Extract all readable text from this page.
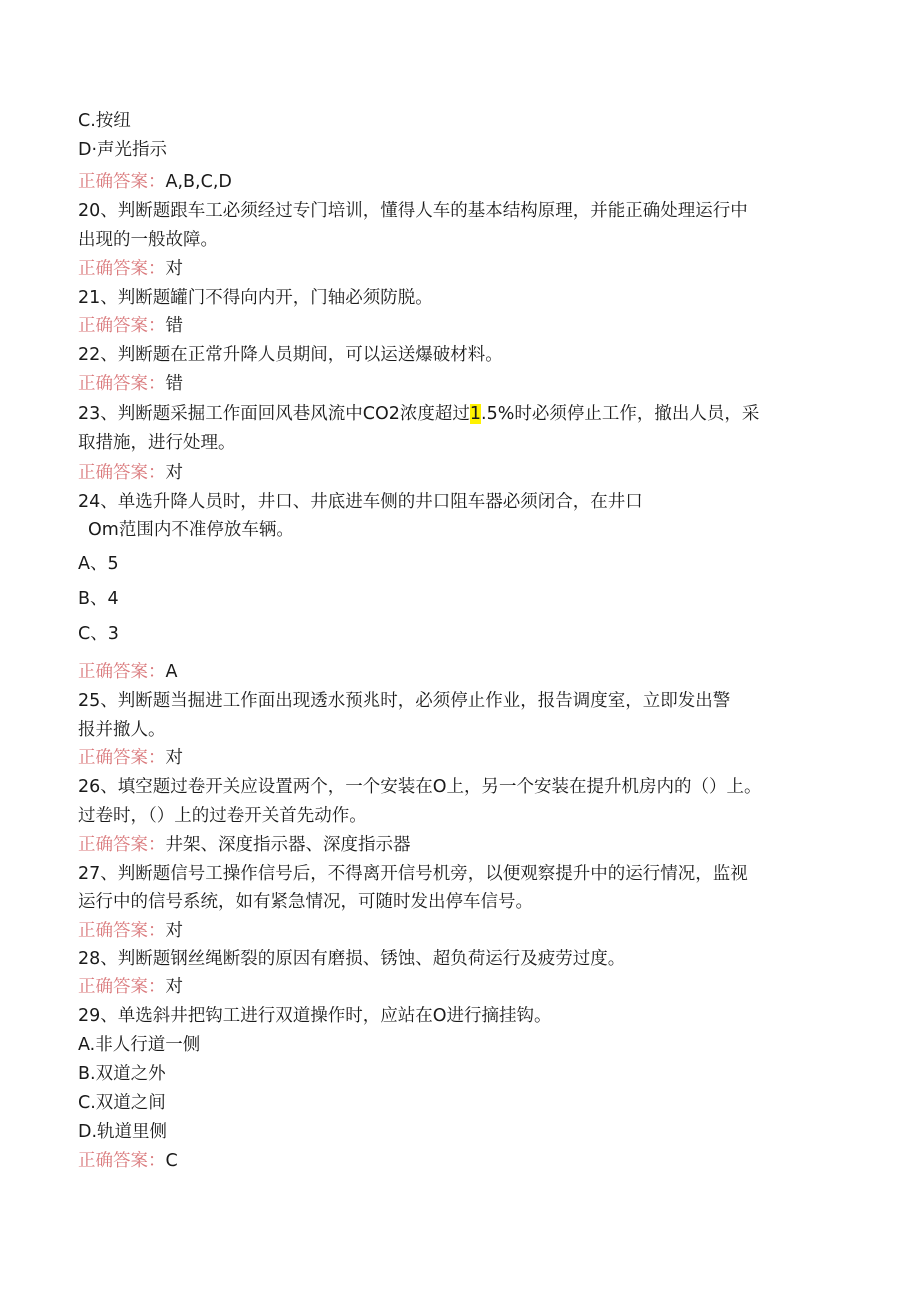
C.按纽

D·声光指示

正确答案：A,B,C,D

20、判断题跟车工必须经过专门培训，懂得人车的基本结构原理，并能正确处理运行中

出现的一般故障。

正确答案：对

21、判断题罐门不得向内开，门轴必须防脱。

正确答案：错

22、判断题在正常升降人员期间，可以运送爆破材料。

正确答案：错

23、判断题采掘工作面回风巷风流中CO2浓度超过1.5%时必须停止工作，撤出人员，采

取措施，进行处理。

正确答案：对

24、单选升降人员时，井口、井底进车侧的井口阻车器必须闭合，在井口

Om范围内不准停放车辆。

A、5

B、4

C、3

正确答案：A

25、判断题当掘进工作面出现透水预兆时，必须停止作业，报告调度室，立即发出警

报并撤人。

正确答案：对

26、填空题过卷开关应设置两个，一个安装在O上，另一个安装在提升机房内的（）上。

过卷时，（）上的过卷开关首先动作。

正确答案：井架、深度指示器、深度指示器

27、判断题信号工操作信号后，不得离开信号机旁，以便观察提升中的运行情况，监视

运行中的信号系统，如有紧急情况，可随时发出停车信号。

正确答案：对

28、判断题钢丝绳断裂的原因有磨损、锈蚀、超负荷运行及疲劳过度。

正确答案：对

29、单选斜井把钩工进行双道操作时，应站在O进行摘挂钩。

A.非人行道一侧

B.双道之外

C.双道之间

D.轨道里侧

正确答案：C
